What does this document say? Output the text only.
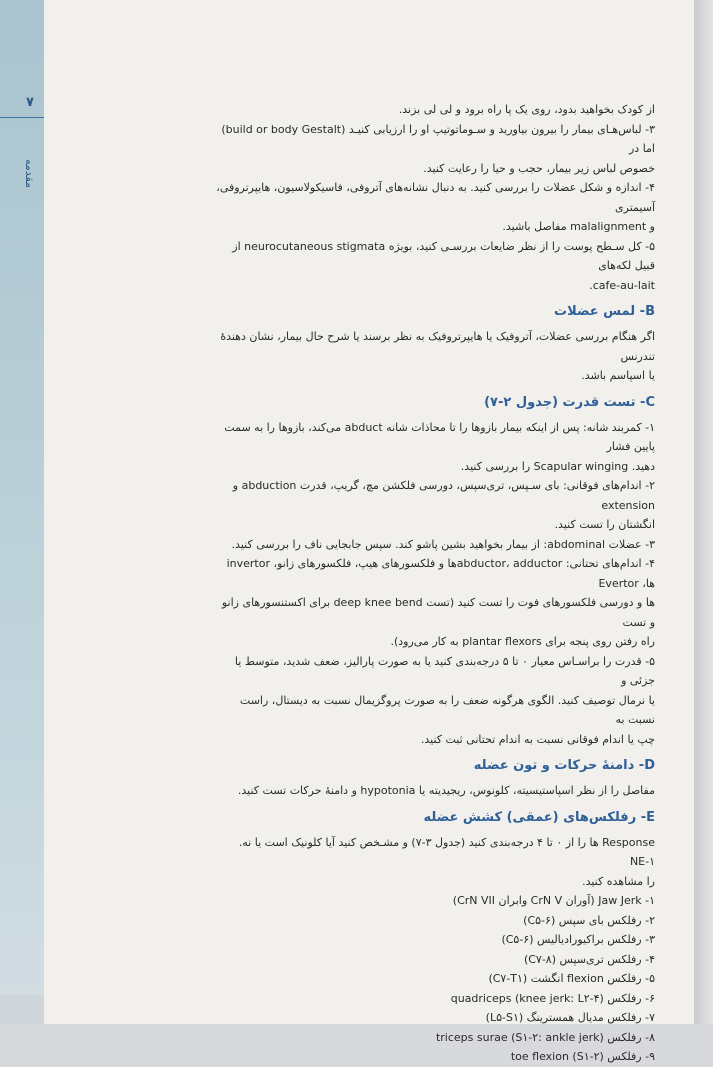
۷
مقدمه

از کودک بخواهید بدود، روی یک پا راه برود و لی لی بزند.

۳- لباس‌هـای بیمار را بیرون بیاورید و سـوماتوتیپ او را ارزیابی کنیـد (build or body Gestalt) اما در

خصوص لباس زیر بیمار، حجب و حیا را رعایت کنید.

۴- اندازه و شکل عضلات را بررسی کنید. به دنبال نشانه‌های آتروفی، فاسیکولاسیون، هایپرتروفی، آسیمتری

و malalignment مفاصل باشید.

۵- کل سـطح پوست را از نظر ضایعات بررسـی کنید، بویژه neurocutaneous stigmata از قبیل لکه‌های

cafe-au-lait.

B- لمس عضلات

اگر هنگام بررسی عضلات، آتروفیک یا هایپرتروفیک به نظر برسند یا شرح حال بیمار، نشان دهندهٔ تندرنس

یا اسپاسم باشد.

C- تست قدرت (جدول ۲-۷)

۱- کمربند شانه: پس از اینکه بیمار بازوها را تا محاذات شانه abduct می‌کند، بازوها را به سمت پایین فشار

دهید. Scapular winging را بررسی کنید.

۲- اندام‌های فوقانی: بای سـپس، تری‌سپس، دورسی فلکشن مچ، گریپ، قدرت abduction و extension

انگشتان را تست کنید.

۳- عضلات abdominal: از بیمار بخواهید بشین پاشو کند. سپس جابجایی ناف را بررسی کنید.

۴- اندام‌های تحتانی: abductor، adductorها و فلکسورهای هیپ، فلکسورهای زانو، invertor ها، Evertor

ها و دورسی فلکسورهای فوت را تست کنید (تست deep knee bend برای اکستنسورهای زانو و تست

راه رفتن روی پنجه برای plantar flexors به کار می‌رود).

۵- قدرت را براسـاس معیار ۰ تا ۵ درجه‌بندی کنید یا به صورت پارالیز، ضعف شدید، متوسط یا جزئی و

یا نرمال توصیف کنید. الگوی هرگونه ضعف را به صورت پروگزیمال نسبت به دیستال، راست نسبت به

چپ یا اندام فوقانی نسبت به اندام تحتانی ثبت کنید.

D- دامنهٔ حرکات و تون عضله

مفاصل را از نظر اسپاستیسیته، کلونوس، ریجیدیته یا hypotonia و دامنهٔ حرکات تست کنید.

E- رفلکس‌های (عمقی) کشش عضله

Response ها را از ۰ تا ۴ درجه‌بندی کنید (جدول ۳-۷) و مشـخص کنید آیا کلونیک است یا نه. NE-۱

را مشاهده کنید.

۱- Jaw Jerk (آوران CrN V وابران CrN VII)

۲- رفلکس بای سپس (C۵-۶)

۳- رفلکس براکیورادیالیس (C۵-۶)

۴- رفلکس تری‌سپس (C۷-۸)

۵- رفلکس flexion انگشت (C۷-T۱)

۶- رفلکس quadriceps (knee jerk: L۲-۴)

۷- رفلکس مدیال همسترینگ (L۵-S۱)

۸- رفلکس triceps surae (S۱-۲: ankle jerk)

۹- رفلکس toe flexion (S۱-۲)
